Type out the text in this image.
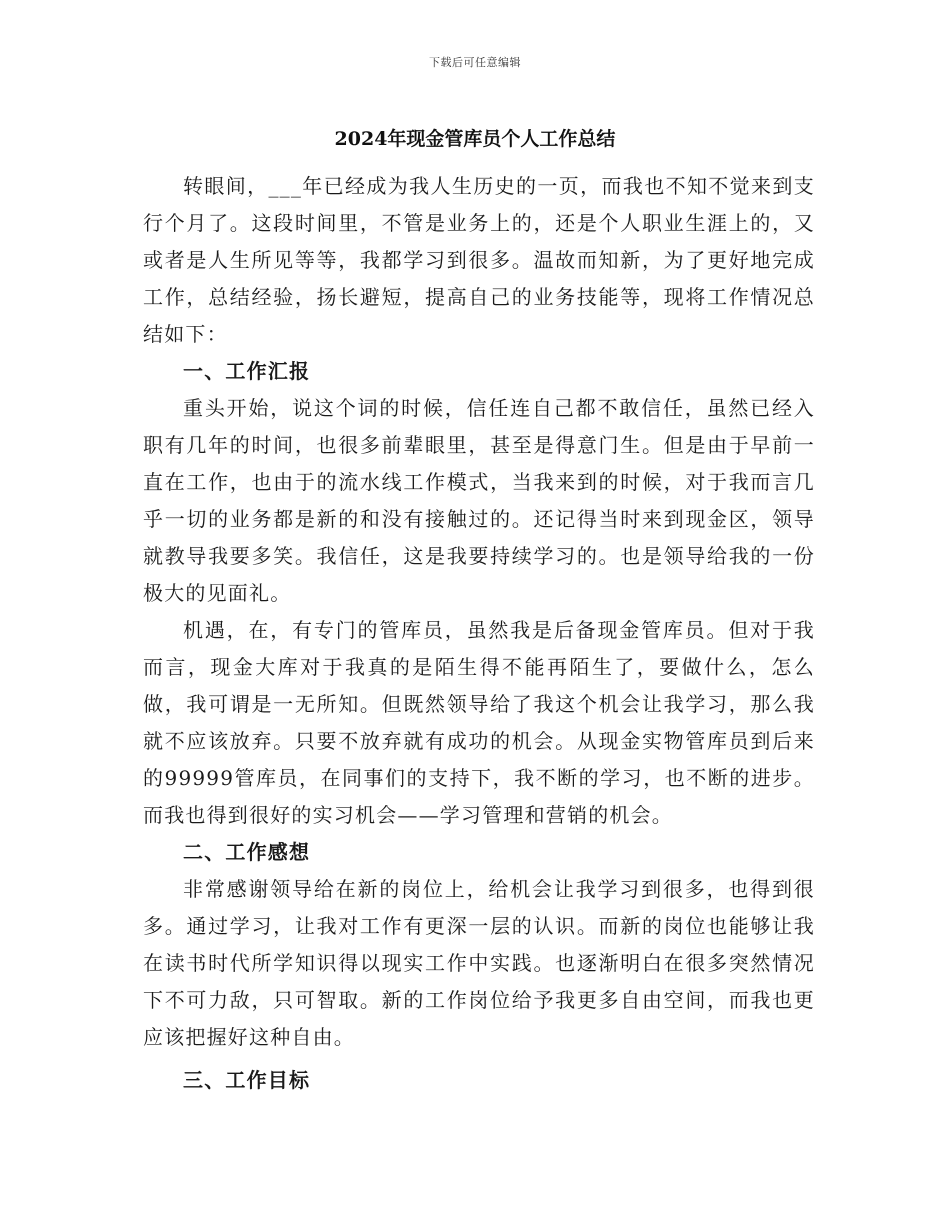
下载后可任意编辑
2024年现金管库员个人工作总结

转眼间，___年已经成为我人生历史的一页，而我也不知不觉来到支行个月了。这段时间里，不管是业务上的，还是个人职业生涯上的，又或者是人生所见等等，我都学习到很多。温故而知新，为了更好地完成工作，总结经验，扬长避短，提高自己的业务技能等，现将工作情况总结如下：

一、工作汇报

重头开始，说这个词的时候，信任连自己都不敢信任，虽然已经入职有几年的时间，也很多前辈眼里，甚至是得意门生。但是由于早前一直在工作，也由于的流水线工作模式，当我来到的时候，对于我而言几乎一切的业务都是新的和没有接触过的。还记得当时来到现金区，领导就教导我要多笑。我信任，这是我要持续学习的。也是领导给我的一份极大的见面礼。

机遇，在，有专门的管库员，虽然我是后备现金管库员。但对于我而言，现金大库对于我真的是陌生得不能再陌生了，要做什么，怎么做，我可谓是一无所知。但既然领导给了我这个机会让我学习，那么我就不应该放弃。只要不放弃就有成功的机会。从现金实物管库员到后来的99999管库员，在同事们的支持下，我不断的学习，也不断的进步。而我也得到很好的实习机会——学习管理和营销的机会。

二、工作感想

非常感谢领导给在新的岗位上，给机会让我学习到很多，也得到很多。通过学习，让我对工作有更深一层的认识。而新的岗位也能够让我在读书时代所学知识得以现实工作中实践。也逐渐明白在很多突然情况下不可力敌，只可智取。新的工作岗位给予我更多自由空间，而我也更应该把握好这种自由。

三、工作目标
